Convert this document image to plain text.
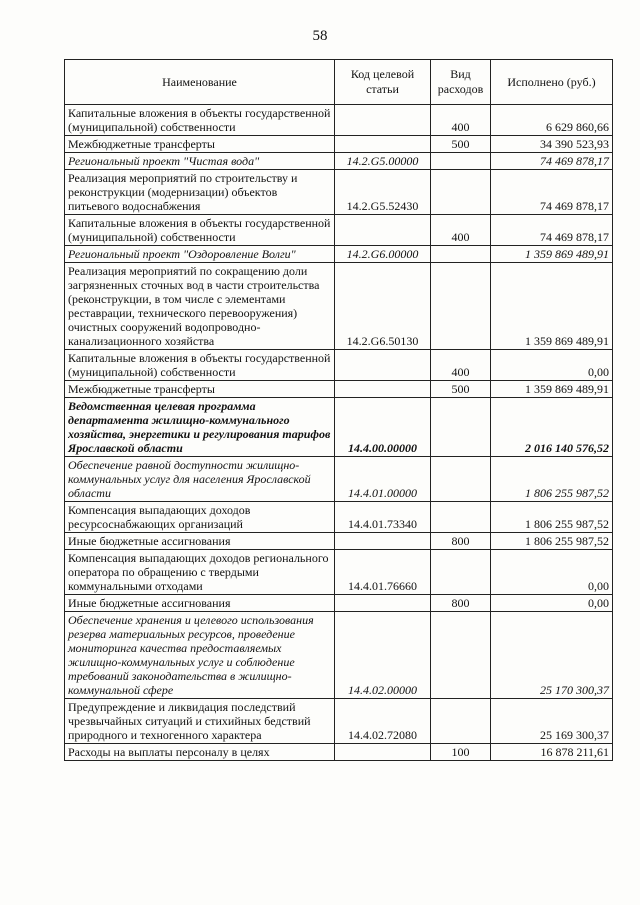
58
Наименование	Код целевой статьи	Вид расходов	Исполнено (руб.)
Капитальные вложения в объекты государственной (муниципальной) собственности		400	6 629 860,66
Межбюджетные трансферты		500	34 390 523,93
Региональный проект "Чистая вода"	14.2.G5.00000		74 469 878,17
Реализация мероприятий по строительству и реконструкции (модернизации) объектов питьевого водоснабжения	14.2.G5.52430		74 469 878,17
Капитальные вложения в объекты государственной (муниципальной) собственности		400	74 469 878,17
Региональный проект "Оздоровление Волги"	14.2.G6.00000		1 359 869 489,91
Реализация мероприятий по сокращению доли загрязненных сточных вод в части строительства (реконструкции, в том числе с элементами реставрации, технического перевооружения) очистных сооружений водопроводно-канализационного хозяйства	14.2.G6.50130		1 359 869 489,91
Капитальные вложения в объекты государственной (муниципальной) собственности		400	0,00
Межбюджетные трансферты		500	1 359 869 489,91
Ведомственная целевая программа департамента жилищно-коммунального хозяйства, энергетики и регулирования тарифов Ярославской области	14.4.00.00000		2 016 140 576,52
Обеспечение равной доступности жилищно-коммунальных услуг для населения Ярославской области	14.4.01.00000		1 806 255 987,52
Компенсация выпадающих доходов ресурсоснабжающих организаций	14.4.01.73340		1 806 255 987,52
Иные бюджетные ассигнования		800	1 806 255 987,52
Компенсация выпадающих доходов регионального оператора по обращению с твердыми коммунальными отходами	14.4.01.76660		0,00
Иные бюджетные ассигнования		800	0,00
Обеспечение хранения и целевого использования резерва материальных ресурсов, проведение мониторинга качества предоставляемых жилищно-коммунальных услуг и соблюдение требований законодательства в жилищно-коммунальной сфере	14.4.02.00000		25 170 300,37
Предупреждение и ликвидация последствий чрезвычайных ситуаций и стихийных бедствий природного и техногенного характера	14.4.02.72080		25 169 300,37
Расходы на выплаты персоналу в целях		100	16 878 211,61
